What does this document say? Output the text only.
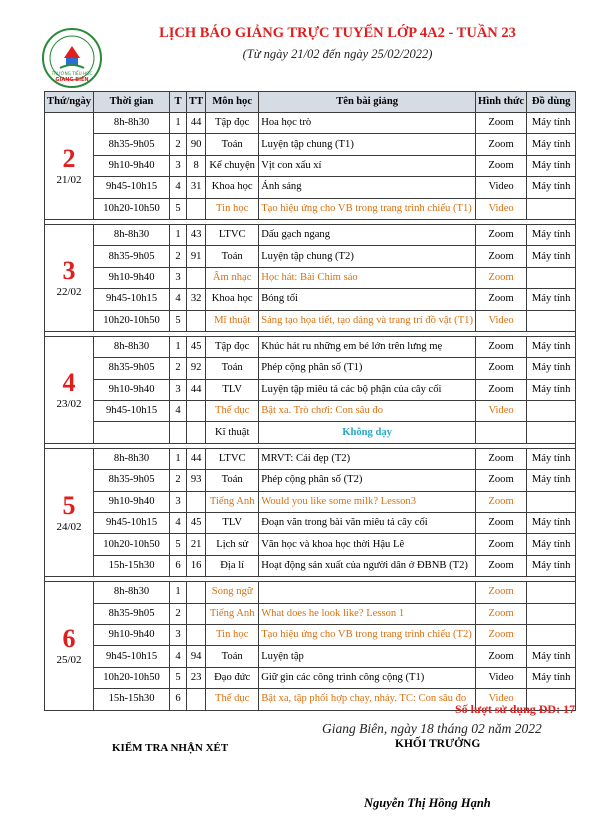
TRƯỜNG TIỂU HỌC
GIANG BIÊN
LỊCH BÁO GIẢNG TRỰC TUYẾN LỚP 4A2 - TUẦN 23
(Từ ngày 21/02 đến ngày 25/02/2022)
Thứ/ngày	Thời gian	T	TT	Môn học	Tên bài giảng	Hình thức	Đồ dùng

2
21/02	8h-8h30	1	44	Tập đọc	Hoa học trò	Zoom	Máy tính
	8h35-9h05	2	90	Toán	Luyện tập chung (T1)	Zoom	Máy tính
	9h10-9h40	3	8	Kể chuyện	Vịt con xấu xí	Zoom	Máy tính
	9h45-10h15	4	31	Khoa học	Ánh sáng	Video	Máy tính
	10h20-10h50	5		Tin học	Tạo hiệu ứng cho VB trong trang trình chiếu (T1)	Video	

3
22/02	8h-8h30	1	43	LTVC	Dấu gạch ngang	Zoom	Máy tính
	8h35-9h05	2	91	Toán	Luyện tập chung (T2)	Zoom	Máy tính
	9h10-9h40	3		Âm nhạc	Học hát: Bài Chim sáo	Zoom	
	9h45-10h15	4	32	Khoa học	Bóng tối	Zoom	Máy tính
	10h20-10h50	5		Mĩ thuật	Sáng tạo họa tiết, tạo dáng và trang trí đồ vật (T1)	Video	

4
23/02	8h-8h30	1	45	Tập đọc	Khúc hát ru những em bé lớn trên lưng mẹ	Zoom	Máy tính
	8h35-9h05	2	92	Toán	Phép cộng phân số (T1)	Zoom	Máy tính
	9h10-9h40	3	44	TLV	Luyện tập miêu tả các bộ phận của cây cối	Zoom	Máy tính
	9h45-10h15	4		Thể dục	Bật xa. Trò chơi: Con sâu đo	Video	
				Kĩ thuật	Không dạy		

5
24/02	8h-8h30	1	44	LTVC	MRVT: Cái đẹp (T2)	Zoom	Máy tính
	8h35-9h05	2	93	Toán	Phép cộng phân số (T2)	Zoom	Máy tính
	9h10-9h40	3		Tiếng Anh	Would you like some milk? Lesson3	Zoom	
	9h45-10h15	4	45	TLV	Đoạn văn trong bài văn miêu tả cây cối	Zoom	Máy tính
	10h20-10h50	5	21	Lịch sử	Văn học và khoa học thời Hậu Lê	Zoom	Máy tính
	15h-15h30	6	16	Địa lí	Hoạt động sản xuất của người dân ở ĐBNB (T2)	Zoom	Máy tính

6
25/02	8h-8h30	1		Song ngữ		Zoom	
	8h35-9h05	2		Tiếng Anh	What does he look like? Lesson 1	Zoom	
	9h10-9h40	3		Tin học	Tạo hiệu ứng cho VB trong trang trình chiếu (T2)	Zoom	
	9h45-10h15	4	94	Toán	Luyện tập	Zoom	Máy tính
	10h20-10h50	5	23	Đạo đức	Giữ gìn các công trình công cộng (T1)	Video	Máy tính
	15h-15h30	6		Thể dục	Bật xa, tập phối hợp chạy, nhảy. TC: Con sâu đo	Video	
Số lượt sử dụng ĐD: 17
Giang Biên, ngày 18 tháng 02 năm 2022
KIỂM TRA NHẬN XÉT	KHỐI TRƯỞNG
Nguyễn Thị Hồng Hạnh
